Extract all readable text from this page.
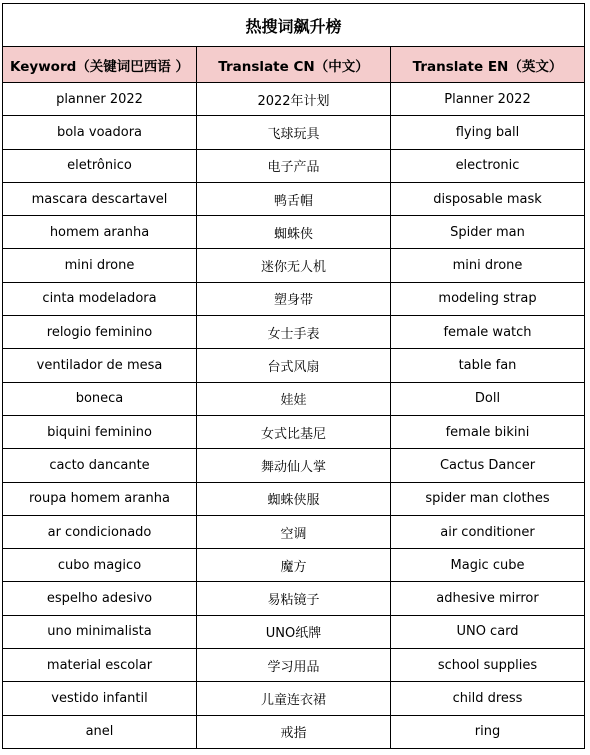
热搜词飙升榜		
Keyword（关键词巴西语 ）	Translate CN（中文）	Translate EN（英文）
planner 2022	2022年计划	Planner 2022
bola voadora	飞球玩具	flying ball
eletrônico	电子产品	electronic
mascara descartavel	鸭舌帽	disposable mask
homem aranha	蜘蛛侠	Spider man
mini drone	迷你无人机	mini drone
cinta modeladora	塑身带	modeling strap
relogio feminino	女士手表	female watch
ventilador de mesa	台式风扇	table fan
boneca	娃娃	Doll
biquini feminino	女式比基尼	female bikini
cacto dancante	舞动仙人掌	Cactus Dancer
roupa homem aranha	蜘蛛侠服	spider man clothes
ar condicionado	空调	air conditioner
cubo magico	魔方	Magic cube
espelho adesivo	易粘镜子	adhesive mirror
uno minimalista	UNO纸牌	UNO card
material escolar	学习用品	school supplies
vestido infantil	儿童连衣裙	child dress
anel	戒指	ring
